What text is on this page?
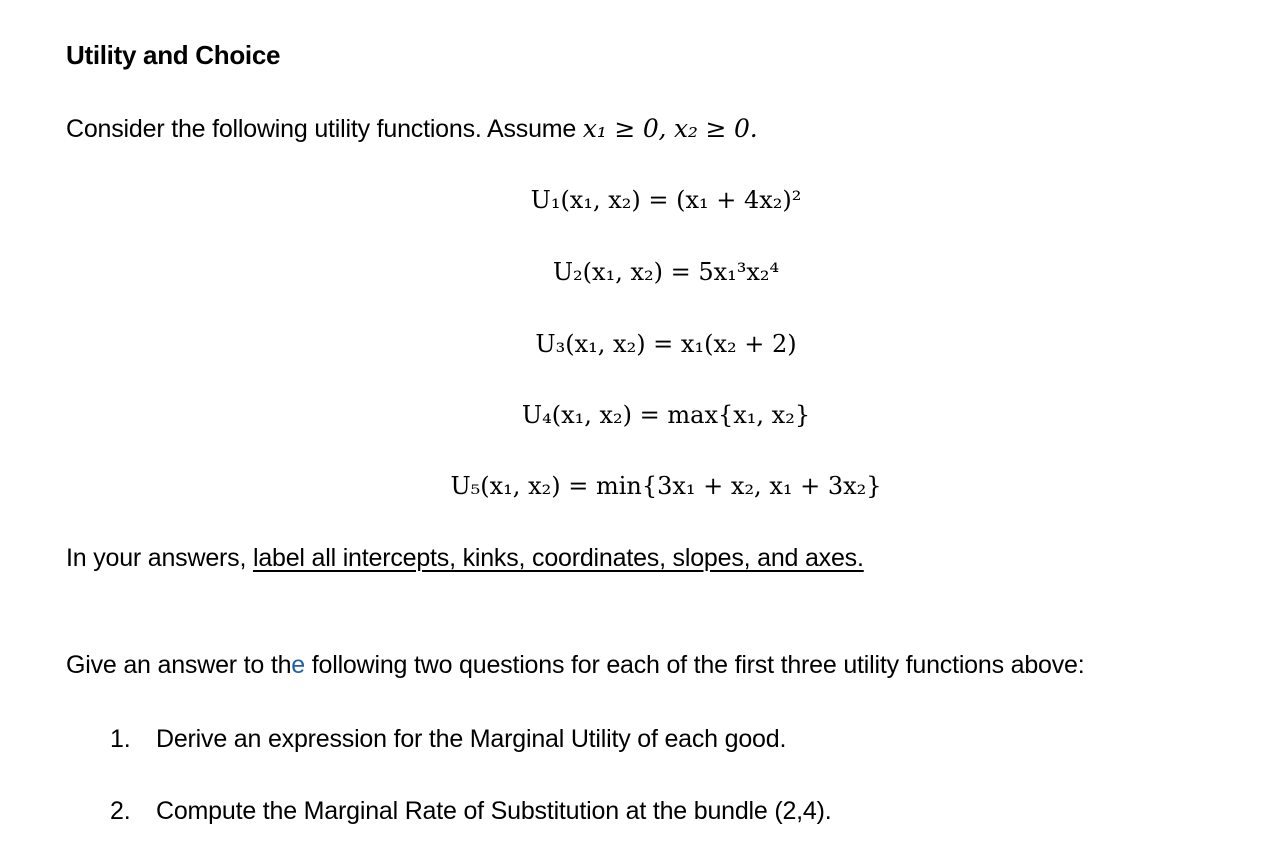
Utility and Choice
Consider the following utility functions. Assume x₁ ≥ 0, x₂ ≥ 0.
U₁(x₁, x₂) = (x₁ + 4x₂)²
U₂(x₁, x₂) = 5x₁³x₂⁴
U₃(x₁, x₂) = x₁(x₂ + 2)
U₄(x₁, x₂) = max{x₁, x₂}
U₅(x₁, x₂) = min{3x₁ + x₂, x₁ + 3x₂}
In your answers, label all intercepts, kinks, coordinates, slopes, and axes.
Give an answer to the following two questions for each of the first three utility functions above:
1. Derive an expression for the Marginal Utility of each good.
2. Compute the Marginal Rate of Substitution at the bundle (2,4).
